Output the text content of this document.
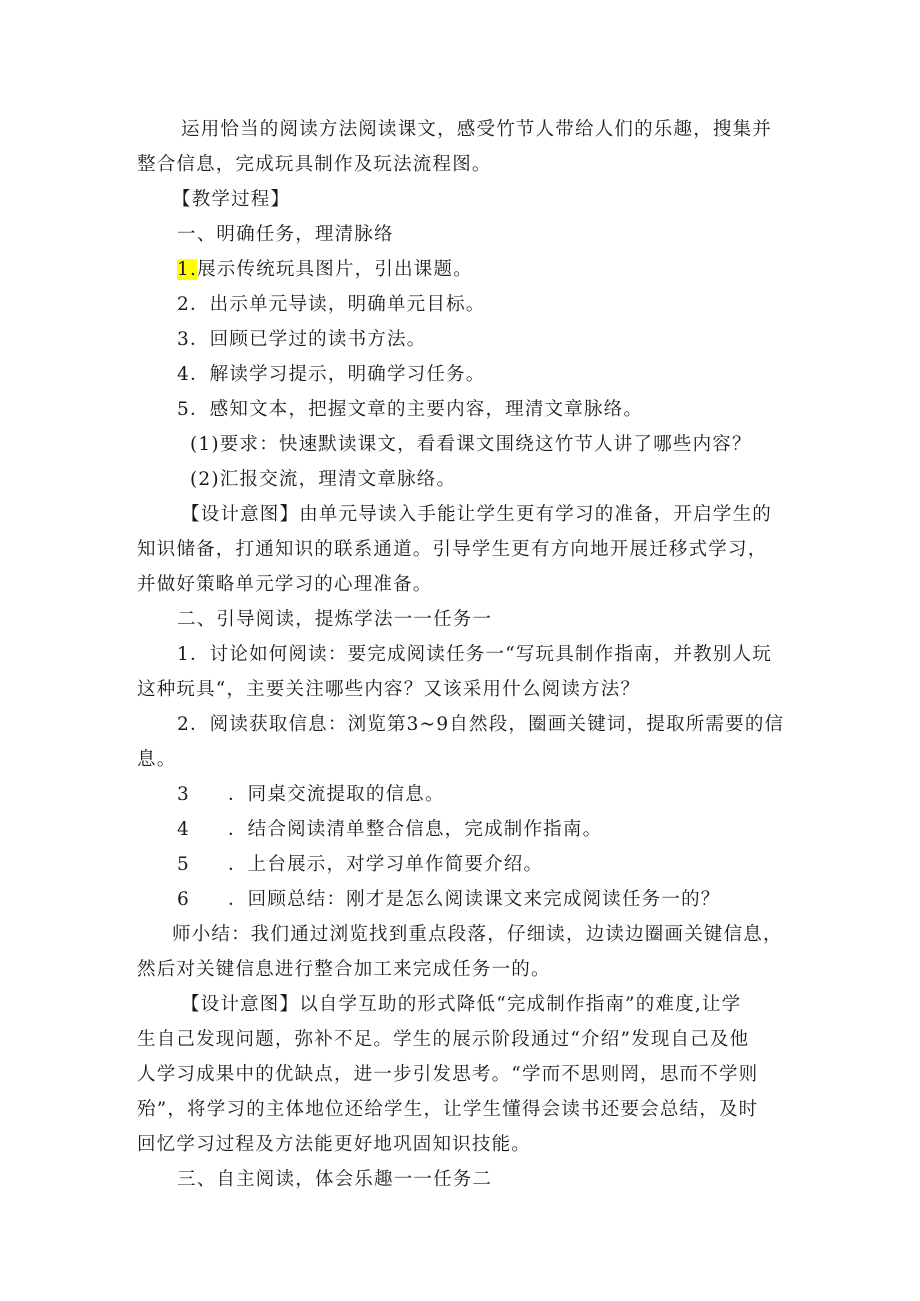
运用恰当的阅读方法阅读课文，感受竹节人带给人们的乐趣，搜集并
整合信息，完成玩具制作及玩法流程图。
【教学过程】
一、明确任务，理清脉络
1.展示传统玩具图片，引出课题。
2．出示单元导读，明确单元目标。
3．回顾已学过的读书方法。
4．解读学习提示，明确学习任务。
5．感知文本，把握文章的主要内容，理清文章脉络。
(1)要求：快速默读课文，看看课文围绕这竹节人讲了哪些内容？
(2)汇报交流，理清文章脉络。
【设计意图】由单元导读入手能让学生更有学习的准备，开启学生的
知识储备，打通知识的联系通道。引导学生更有方向地开展迁移式学习，
并做好策略单元学习的心理准备。
二、引导阅读，提炼学法一一任务一
1．讨论如何阅读：要完成阅读任务一“写玩具制作指南，并教别人玩
这种玩具“，主要关注哪些内容？又该采用什么阅读方法？
2．阅读获取信息：浏览第3~9自然段，圈画关键词，提取所需要的信
息。
3 ．同桌交流提取的信息。
4 ．结合阅读清单整合信息，完成制作指南。
5 ．上台展示，对学习单作简要介绍。
6 ．回顾总结：刚才是怎么阅读课文来完成阅读任务一的？
师小结：我们通过浏览找到重点段落，仔细读，边读边圈画关键信息，
然后对关键信息进行整合加工来完成任务一的。
【设计意图】以自学互助的形式降低“完成制作指南”的难度,让学
生自己发现问题，弥补不足。学生的展示阶段通过“介绍”发现自己及他
人学习成果中的优缺点，进一步引发思考。“学而不思则罔，思而不学则
殆”，将学习的主体地位还给学生，让学生懂得会读书还要会总结，及时
回忆学习过程及方法能更好地巩固知识技能。
三、自主阅读，体会乐趣一一任务二
